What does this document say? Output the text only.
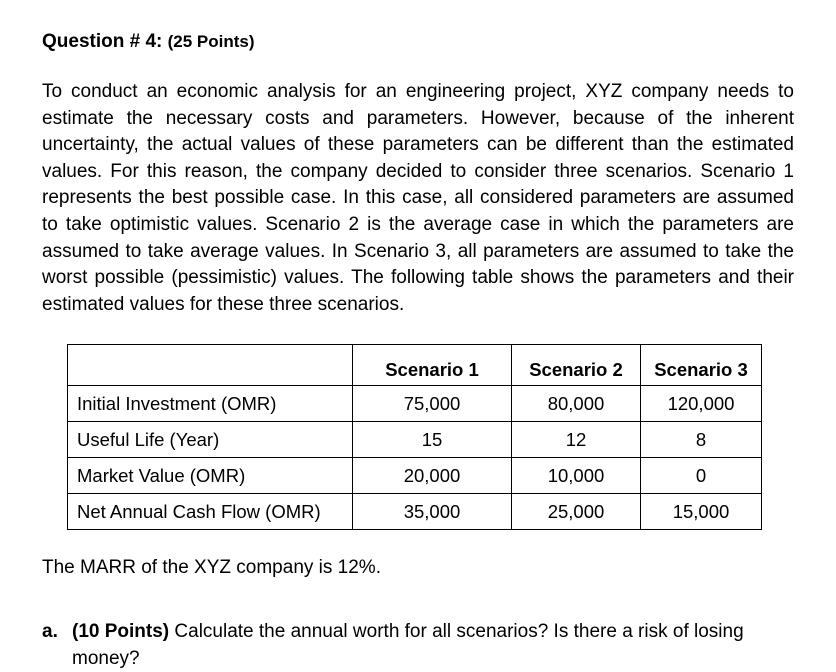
Question # 4: (25 Points)

To conduct an economic analysis for an engineering project, XYZ company needs to estimate the necessary costs and parameters. However, because of the inherent uncertainty, the actual values of these parameters can be different than the estimated values. For this reason, the company decided to consider three scenarios. Scenario 1 represents the best possible case. In this case, all considered parameters are assumed to take optimistic values. Scenario 2 is the average case in which the parameters are assumed to take average values. In Scenario 3, all parameters are assumed to take the worst possible (pessimistic) values. The following table shows the parameters and their estimated values for these three scenarios.

	Scenario 1	Scenario 2	Scenario 3
Initial Investment (OMR)	75,000	80,000	120,000
Useful Life (Year)	15	12	8
Market Value (OMR)	20,000	10,000	0
Net Annual Cash Flow (OMR)	35,000	25,000	15,000
The MARR of the XYZ company is 12%.
a. (10 Points) Calculate the annual worth for all scenarios? Is there a risk of losing
money?
